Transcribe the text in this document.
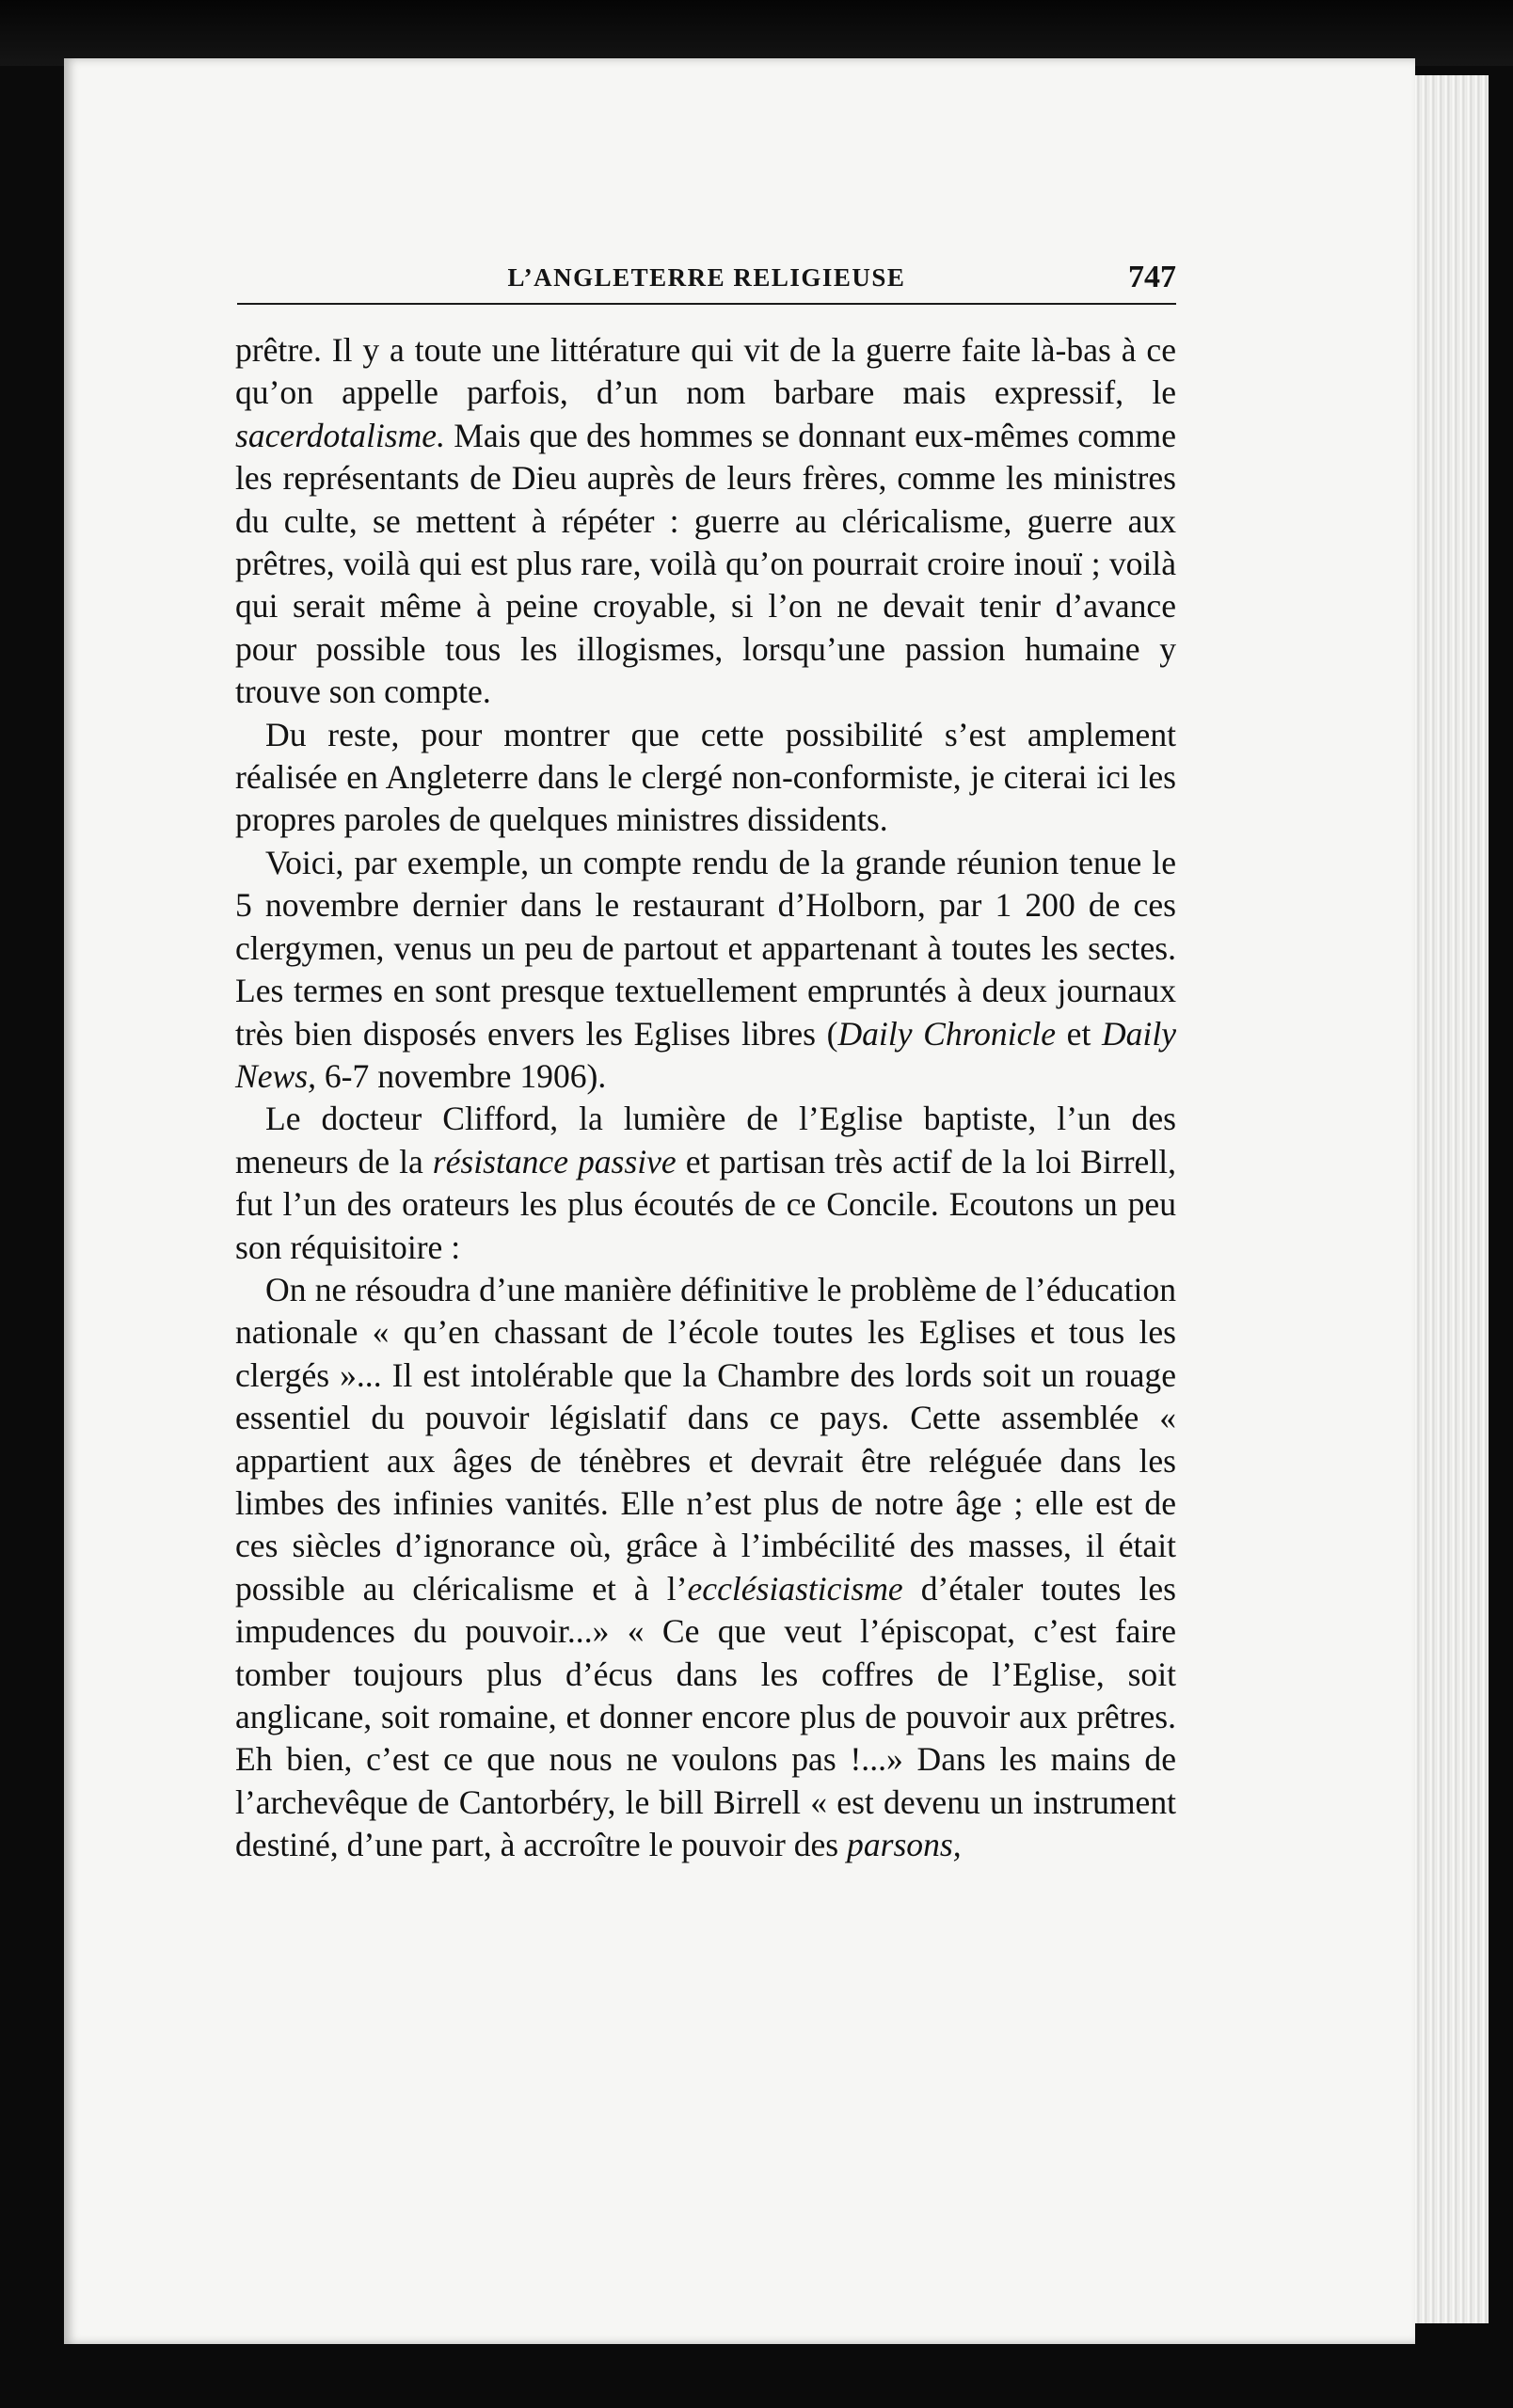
L’ANGLETERRE RELIGIEUSE	747

prêtre. Il y a toute une littérature qui vit de la guerre faite là-bas à ce qu’on appelle parfois, d’un nom barbare mais expressif, le sacerdotalisme. Mais que des hommes se donnant eux-mêmes comme les représentants de Dieu auprès de leurs frères, comme les ministres du culte, se mettent à répéter : guerre au cléricalisme, guerre aux prêtres, voilà qui est plus rare, voilà qu’on pourrait croire inouï ; voilà qui serait même à peine croyable, si l’on ne devait tenir d’avance pour possible tous les illogismes, lorsqu’une passion humaine y trouve son compte.

Du reste, pour montrer que cette possibilité s’est amplement réalisée en Angleterre dans le clergé non-conformiste, je citerai ici les propres paroles de quelques ministres dissidents.

Voici, par exemple, un compte rendu de la grande réunion tenue le 5 novembre dernier dans le restaurant d’Holborn, par 1 200 de ces clergymen, venus un peu de partout et appartenant à toutes les sectes. Les termes en sont presque textuellement empruntés à deux journaux très bien disposés envers les Eglises libres (Daily Chronicle et Daily News, 6-7 novembre 1906).

Le docteur Clifford, la lumière de l’Eglise baptiste, l’un des meneurs de la résistance passive et partisan très actif de la loi Birrell, fut l’un des orateurs les plus écoutés de ce Concile. Ecoutons un peu son réquisitoire :

On ne résoudra d’une manière définitive le problème de l’éducation nationale « qu’en chassant de l’école toutes les Eglises et tous les clergés »... Il est intolérable que la Chambre des lords soit un rouage essentiel du pouvoir législatif dans ce pays. Cette assemblée « appartient aux âges de ténèbres et devrait être reléguée dans les limbes des infinies vanités. Elle n’est plus de notre âge ; elle est de ces siècles d’ignorance où, grâce à l’imbécilité des masses, il était possible au cléricalisme et à l’ecclésiasticisme d’étaler toutes les impudences du pouvoir...» « Ce que veut l’épiscopat, c’est faire tomber toujours plus d’écus dans les coffres de l’Eglise, soit anglicane, soit romaine, et donner encore plus de pouvoir aux prêtres. Eh bien, c’est ce que nous ne voulons pas !...» Dans les mains de l’archevêque de Cantorbéry, le bill Birrell « est devenu un instrument destiné, d’une part, à accroître le pouvoir des parsons,
